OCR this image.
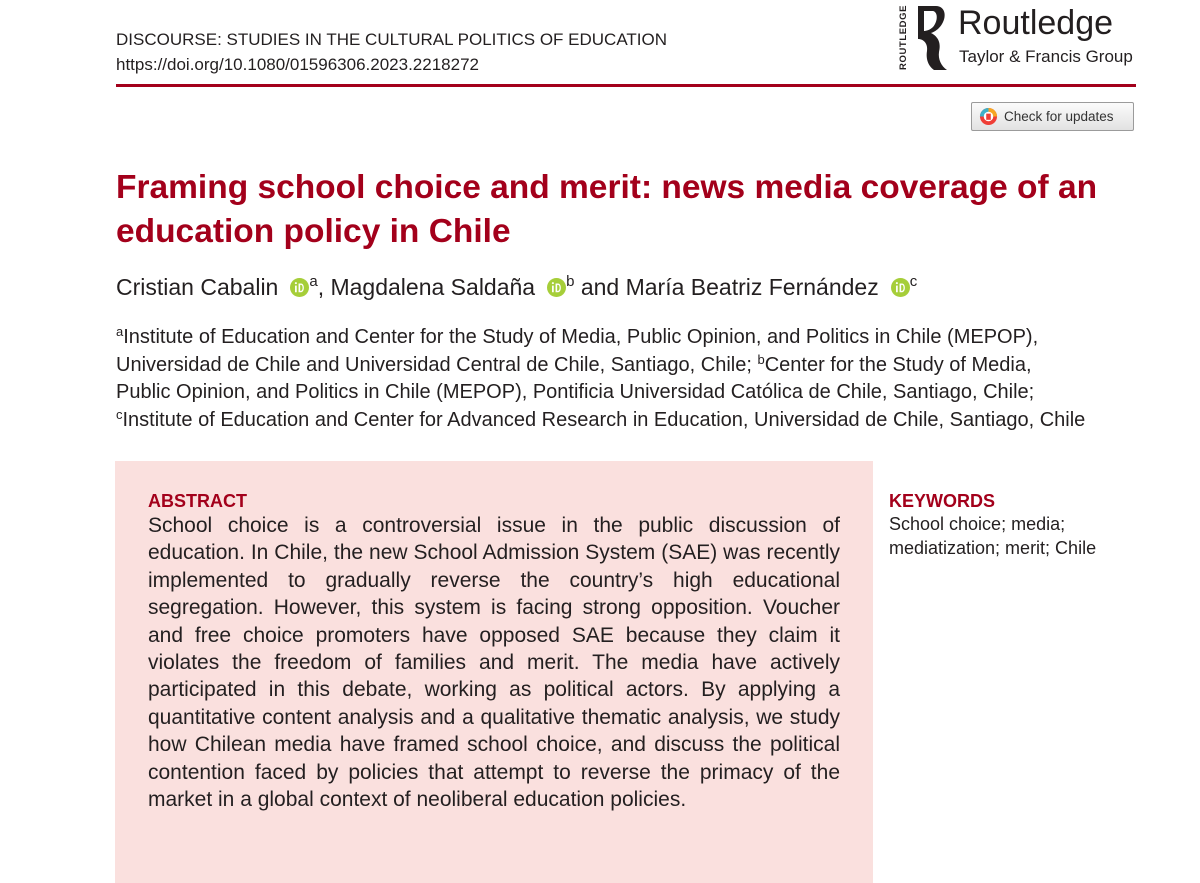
DISCOURSE: STUDIES IN THE CULTURAL POLITICS OF EDUCATION
https://doi.org/10.1080/01596306.2023.2218272	ROUTLEDGE Routledge
Taylor & Francis Group
Check for updates
Framing school choice and merit: news media coverage of an
education policy in Chile
Cristian Cabalin $^a$, Magdalena Saldaña $^b$ and María Beatriz Fernández $^c$
$^a$Institute of Education and Center for the Study of Media, Public Opinion, and Politics in Chile (MEPOP),
Universidad de Chile and Universidad Central de Chile, Santiago, Chile; $^b$Center for the Study of Media,
Public Opinion, and Politics in Chile (MEPOP), Pontificia Universidad Católica de Chile, Santiago, Chile;
$^c$Institute of Education and Center for Advanced Research in Education, Universidad de Chile, Santiago, Chile
ABSTRACT

School choice is a controversial issue in the public discussion of education. In Chile, the new School Admission System (SAE) was recently implemented to gradually reverse the country’s high educational segregation. However, this system is facing strong opposition. Voucher and free choice promoters have opposed SAE because they claim it violates the freedom of families and merit. The media have actively participated in this debate, working as political actors. By applying a quantitative content analysis and a qualitative thematic analysis, we study how Chilean media have framed school choice, and discuss the political contention faced by policies that attempt to reverse the primacy of the market in a global context of neoliberal education policies.

KEYWORDS

School choice; media; mediatization; merit; Chile
